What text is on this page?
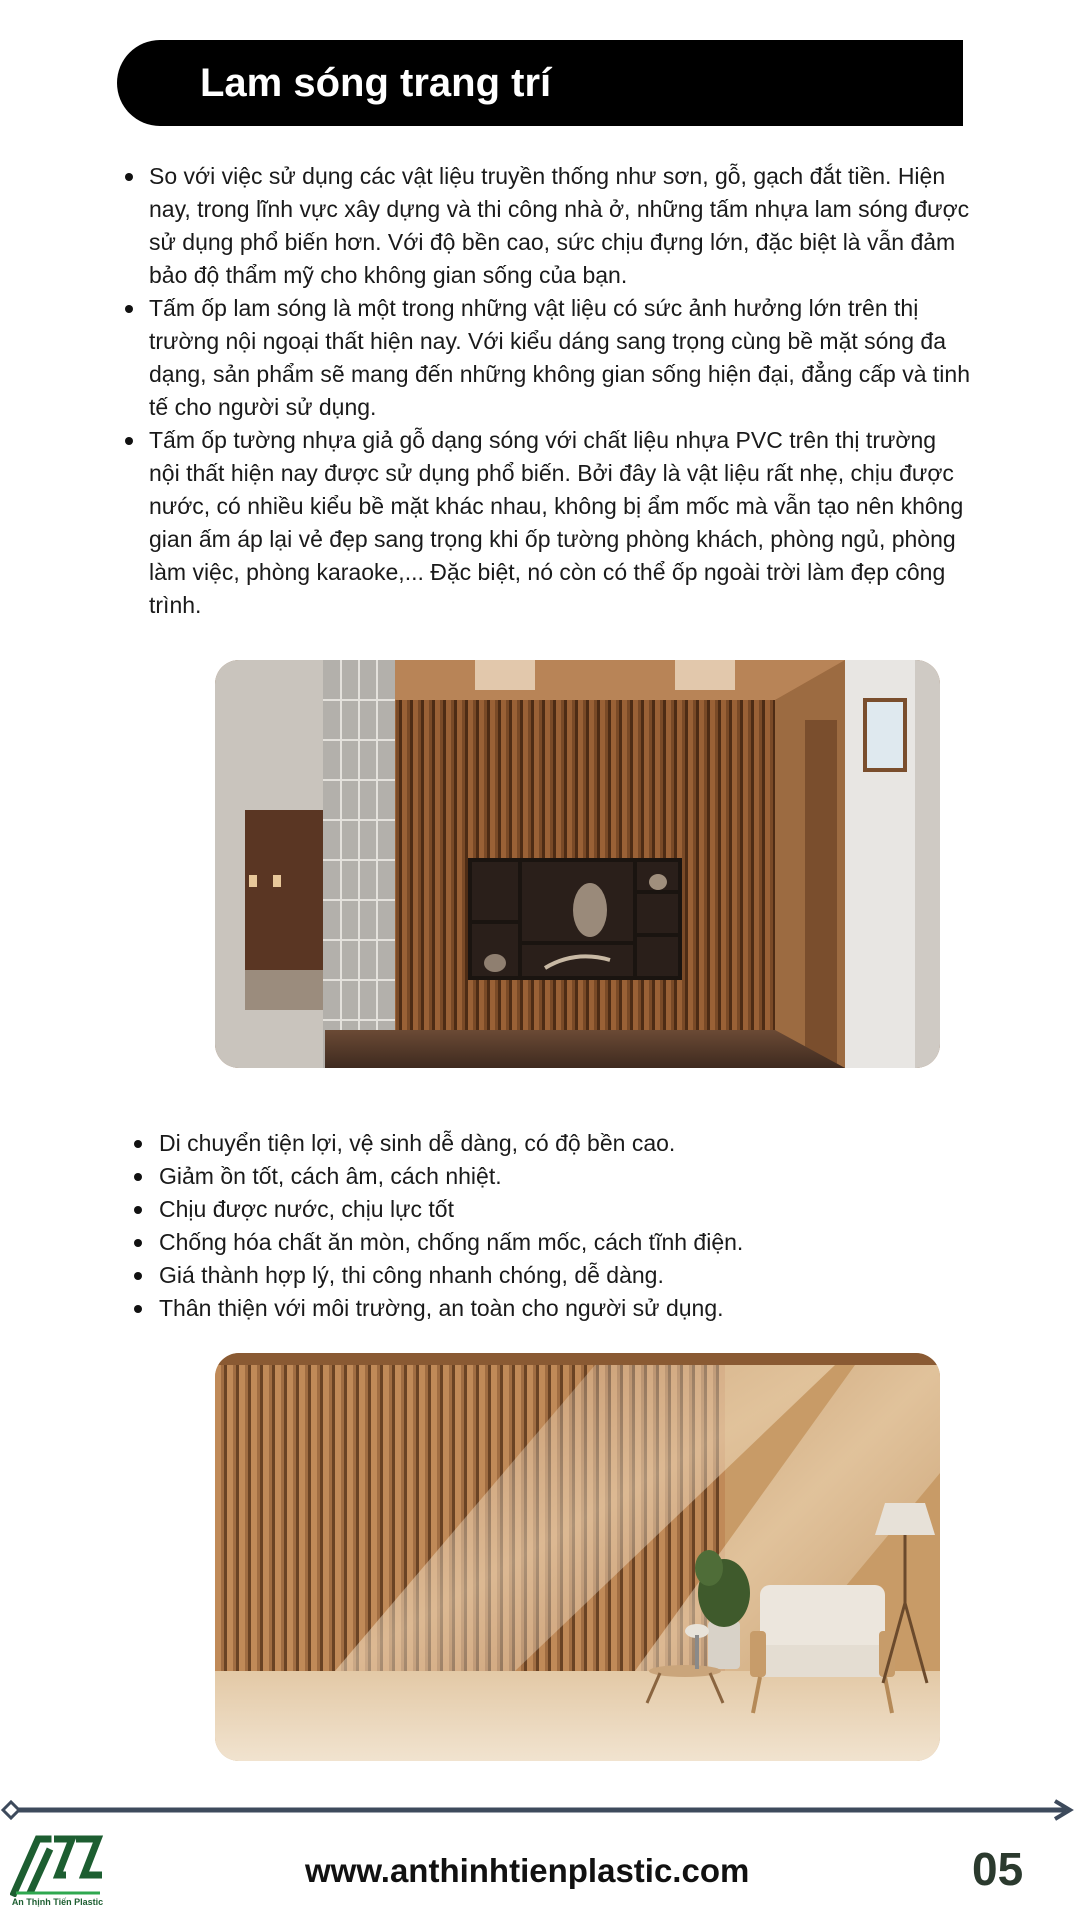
Lam sóng trang trí
So với việc sử dụng các vật liệu truyền thống như sơn, gỗ, gạch đắt tiền. Hiện nay, trong lĩnh vực xây dựng và thi công nhà ở, những tấm nhựa lam sóng được sử dụng phổ biến hơn. Với độ bền cao, sức chịu đựng lớn, đặc biệt là vẫn đảm bảo độ thẩm mỹ cho không gian sống của bạn.
Tấm ốp lam sóng là một trong những vật liệu có sức ảnh hưởng lớn trên thị trường nội ngoại thất hiện nay. Với kiểu dáng sang trọng cùng bề mặt sóng đa dạng, sản phẩm sẽ mang đến những không gian sống hiện đại, đẳng cấp và tinh tế cho người sử dụng.
Tấm ốp tường nhựa giả gỗ dạng sóng với chất liệu nhựa PVC trên thị trường nội thất hiện nay được sử dụng phổ biến. Bởi đây là vật liệu rất nhẹ, chịu được nước, có nhiều kiểu bề mặt khác nhau, không bị ẩm mốc mà vẫn tạo nên không gian ấm áp lại vẻ đẹp sang trọng khi ốp tường phòng khách, phòng ngủ, phòng làm việc, phòng karaoke,... Đặc biệt, nó còn có thể ốp ngoài trời làm đẹp công trình.
Di chuyển tiện lợi, vệ sinh dễ dàng, có độ bền cao.
Giảm ồn tốt, cách âm, cách nhiệt.
Chịu được nước, chịu lực tốt
Chống hóa chất ăn mòn, chống nấm mốc, cách tĩnh điện.
Giá thành hợp lý, thi công nhanh chóng, dễ dàng.
Thân thiện với môi trường, an toàn cho người sử dụng.
An Thịnh Tiến Plastic
www.anthinhtienplastic.com	05
